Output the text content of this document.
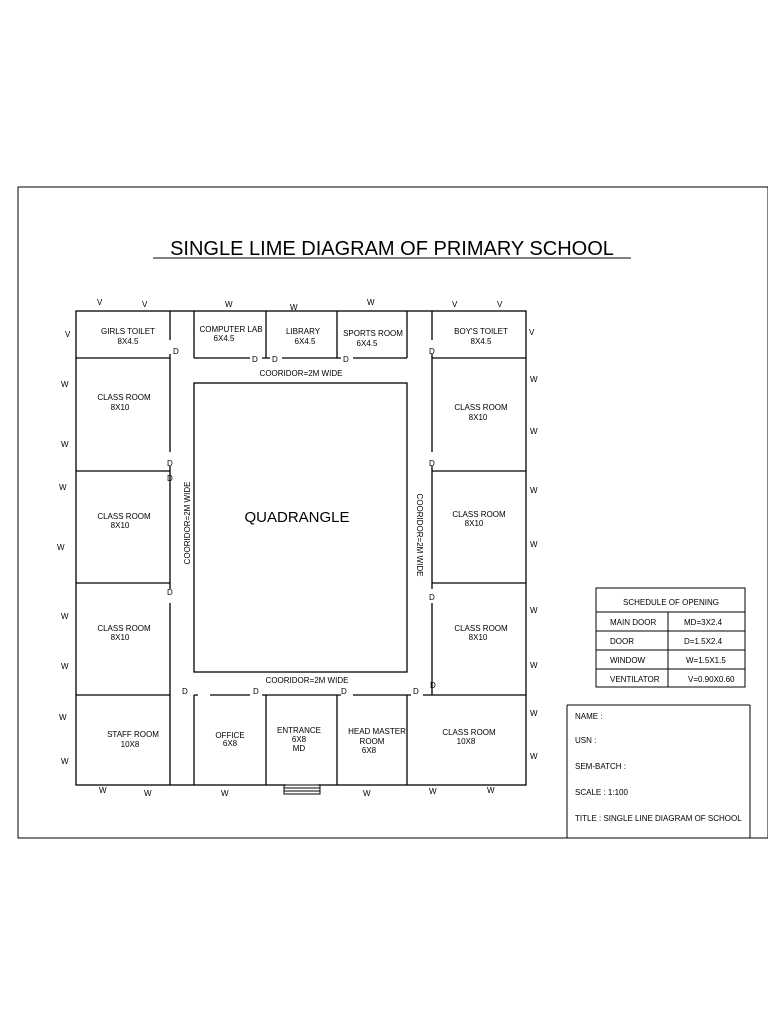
SINGLE LIME DIAGRAM OF PRIMARY SCHOOL
GIRLS TOILET
8X4.5
COMPUTER LAB
6X4.5
LIBRARY
6X4.5
SPORTS ROOM
6X4.5
BOY'S TOILET
8X4.5
CLASS ROOM
8X10	CLASS ROOM
8X10
CLASS ROOM
8X10
CLASS ROOM
8X10
CLASS ROOM
8X10
CLASS ROOM
8X10
STAFF ROOM
10X8
OFFICE
6X8
ENTRANCE
6X8
MD
HEAD MASTER
ROOM
6X8
CLASS ROOM
10X8
COORIDOR=2M WIDE
COORIDOR=2M WIDE
COORIDOR=2M WIDE	COORIDOR=2M WIDE
QUADRANGLE
D
D D	D
D
D	D
D
D
D
D	D	D	D
D
W	W
W
W
W
W
W
W
W
W
W
W
W
W
W
W
W
W
W
W	W	W	W	W	W
V	V	V	V
V	V
SCHEDULE OF OPENING
MAIN DOOR	MD=3X2.4
DOOR	D=1.5X2.4
WINDOW	W=1.5X1.5
VENTILATOR	V=0.90X0.60
NAME :
USN :
SEM-BATCH :
SCALE : 1:100
TITLE : SINGLE LINE DIAGRAM OF SCHOOL
